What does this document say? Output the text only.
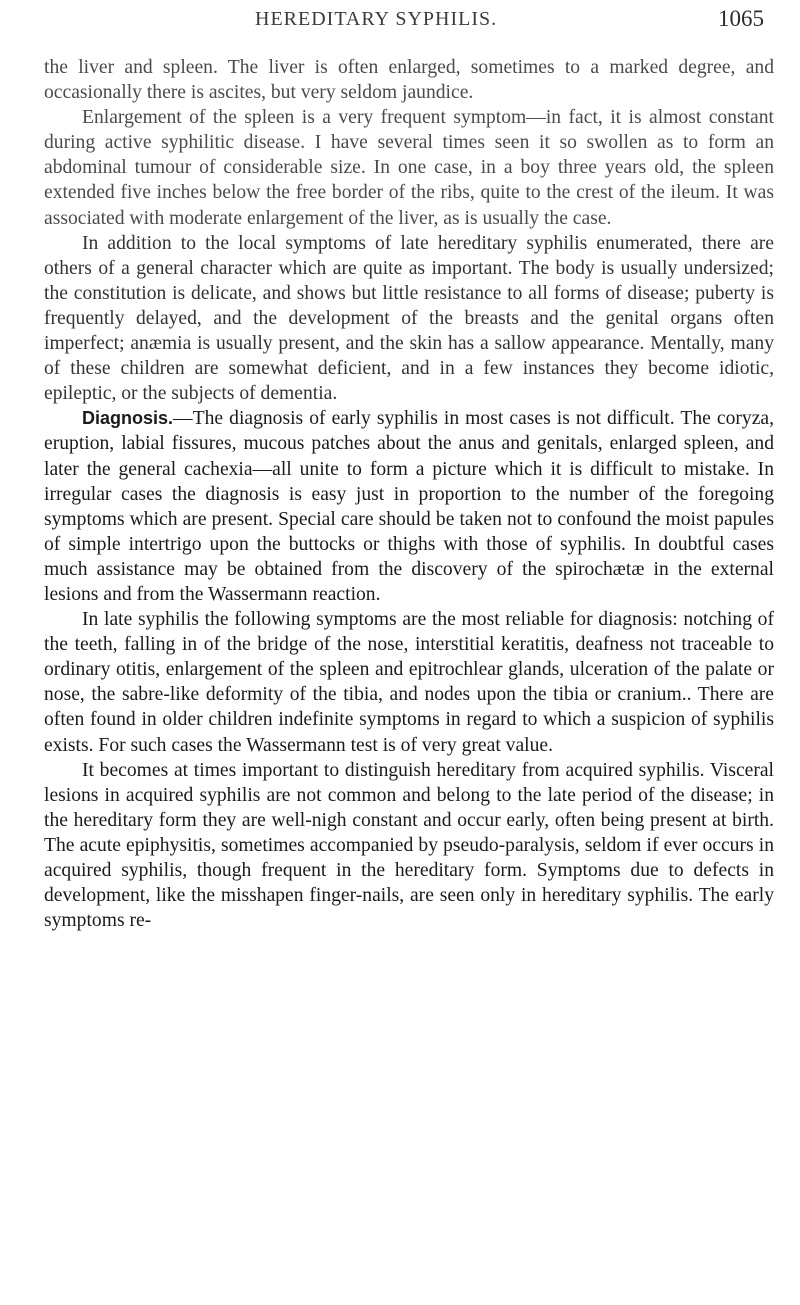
HEREDITARY SYPHILIS.	1065

the liver and spleen. The liver is often enlarged, sometimes to a marked degree, and occasionally there is ascites, but very seldom jaundice.

Enlargement of the spleen is a very frequent symptom—in fact, it is almost constant during active syphilitic disease. I have several times seen it so swollen as to form an abdominal tumour of considerable size. In one case, in a boy three years old, the spleen extended five inches below the free border of the ribs, quite to the crest of the ileum. It was associated with moderate enlargement of the liver, as is usually the case.

In addition to the local symptoms of late hereditary syphilis enumerated, there are others of a general character which are quite as important. The body is usually undersized; the constitution is delicate, and shows but little resistance to all forms of disease; puberty is frequently delayed, and the development of the breasts and the genital organs often imperfect; anæmia is usually present, and the skin has a sallow appearance. Mentally, many of these children are somewhat deficient, and in a few instances they become idiotic, epileptic, or the subjects of dementia.

Diagnosis.—The diagnosis of early syphilis in most cases is not difficult. The coryza, eruption, labial fissures, mucous patches about the anus and genitals, enlarged spleen, and later the general cachexia—all unite to form a picture which it is difficult to mistake. In irregular cases the diagnosis is easy just in proportion to the number of the foregoing symptoms which are present. Special care should be taken not to confound the moist papules of simple intertrigo upon the buttocks or thighs with those of syphilis. In doubtful cases much assistance may be obtained from the discovery of the spirochætæ in the external lesions and from the Wassermann reaction.

In late syphilis the following symptoms are the most reliable for diagnosis: notching of the teeth, falling in of the bridge of the nose, interstitial keratitis, deafness not traceable to ordinary otitis, enlargement of the spleen and epitrochlear glands, ulceration of the palate or nose, the sabre-like deformity of the tibia, and nodes upon the tibia or cranium.. There are often found in older children indefinite symptoms in regard to which a suspicion of syphilis exists. For such cases the Wassermann test is of very great value.

It becomes at times important to distinguish hereditary from acquired syphilis. Visceral lesions in acquired syphilis are not common and belong to the late period of the disease; in the hereditary form they are well-nigh constant and occur early, often being present at birth. The acute epiphysitis, sometimes accompanied by pseudo-paralysis, seldom if ever occurs in acquired syphilis, though frequent in the hereditary form. Symptoms due to defects in development, like the misshapen finger-nails, are seen only in hereditary syphilis. The early symptoms re-
